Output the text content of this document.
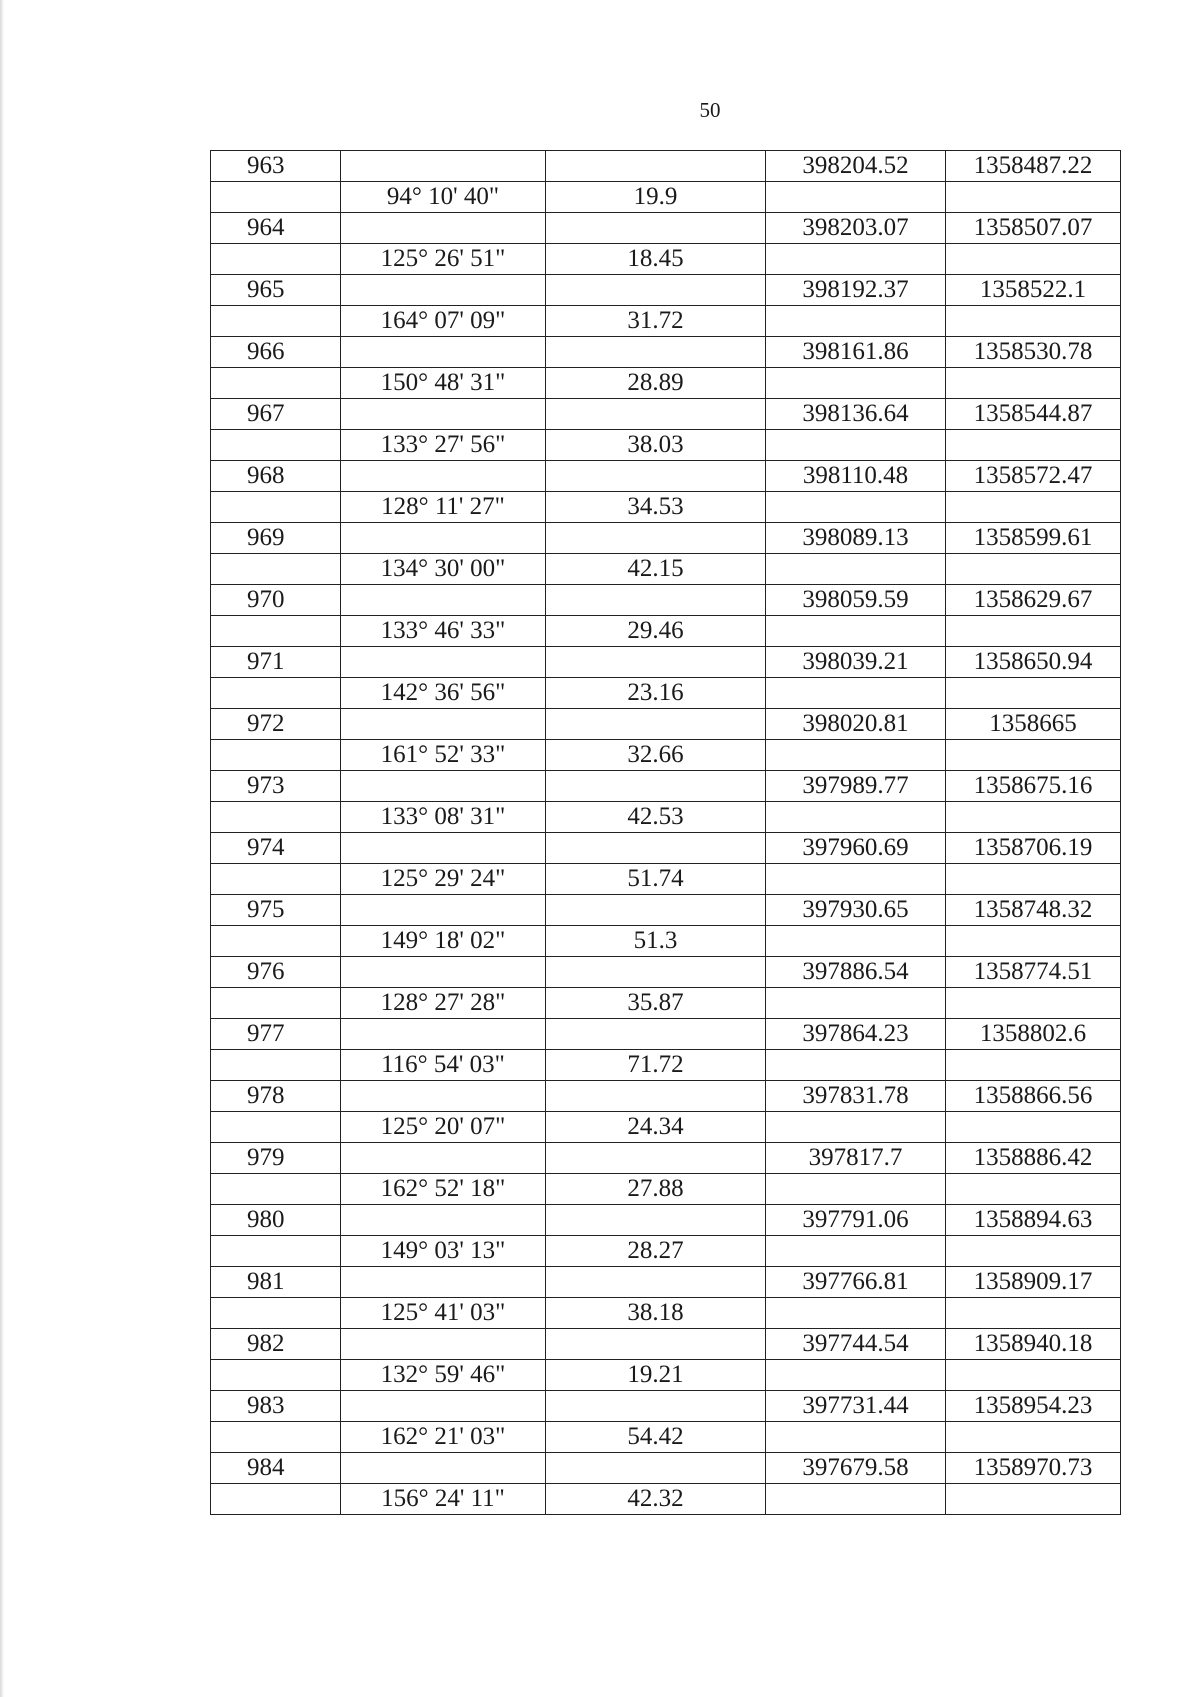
50
963			398204.52	1358487.22
	94° 10' 40"	19.9		
964			398203.07	1358507.07
	125° 26' 51"	18.45		
965			398192.37	1358522.1
	164° 07' 09"	31.72		
966			398161.86	1358530.78
	150° 48' 31"	28.89		
967			398136.64	1358544.87
	133° 27' 56"	38.03		
968			398110.48	1358572.47
	128° 11' 27"	34.53		
969			398089.13	1358599.61
	134° 30' 00"	42.15		
970			398059.59	1358629.67
	133° 46' 33"	29.46		
971			398039.21	1358650.94
	142° 36' 56"	23.16		
972			398020.81	1358665
	161° 52' 33"	32.66		
973			397989.77	1358675.16
	133° 08' 31"	42.53		
974			397960.69	1358706.19
	125° 29' 24"	51.74		
975			397930.65	1358748.32
	149° 18' 02"	51.3		
976			397886.54	1358774.51
	128° 27' 28"	35.87		
977			397864.23	1358802.6
	116° 54' 03"	71.72		
978			397831.78	1358866.56
	125° 20' 07"	24.34		
979			397817.7	1358886.42
	162° 52' 18"	27.88		
980			397791.06	1358894.63
	149° 03' 13"	28.27		
981			397766.81	1358909.17
	125° 41' 03"	38.18		
982			397744.54	1358940.18
	132° 59' 46"	19.21		
983			397731.44	1358954.23
	162° 21' 03"	54.42		
984			397679.58	1358970.73
	156° 24' 11"	42.32		
